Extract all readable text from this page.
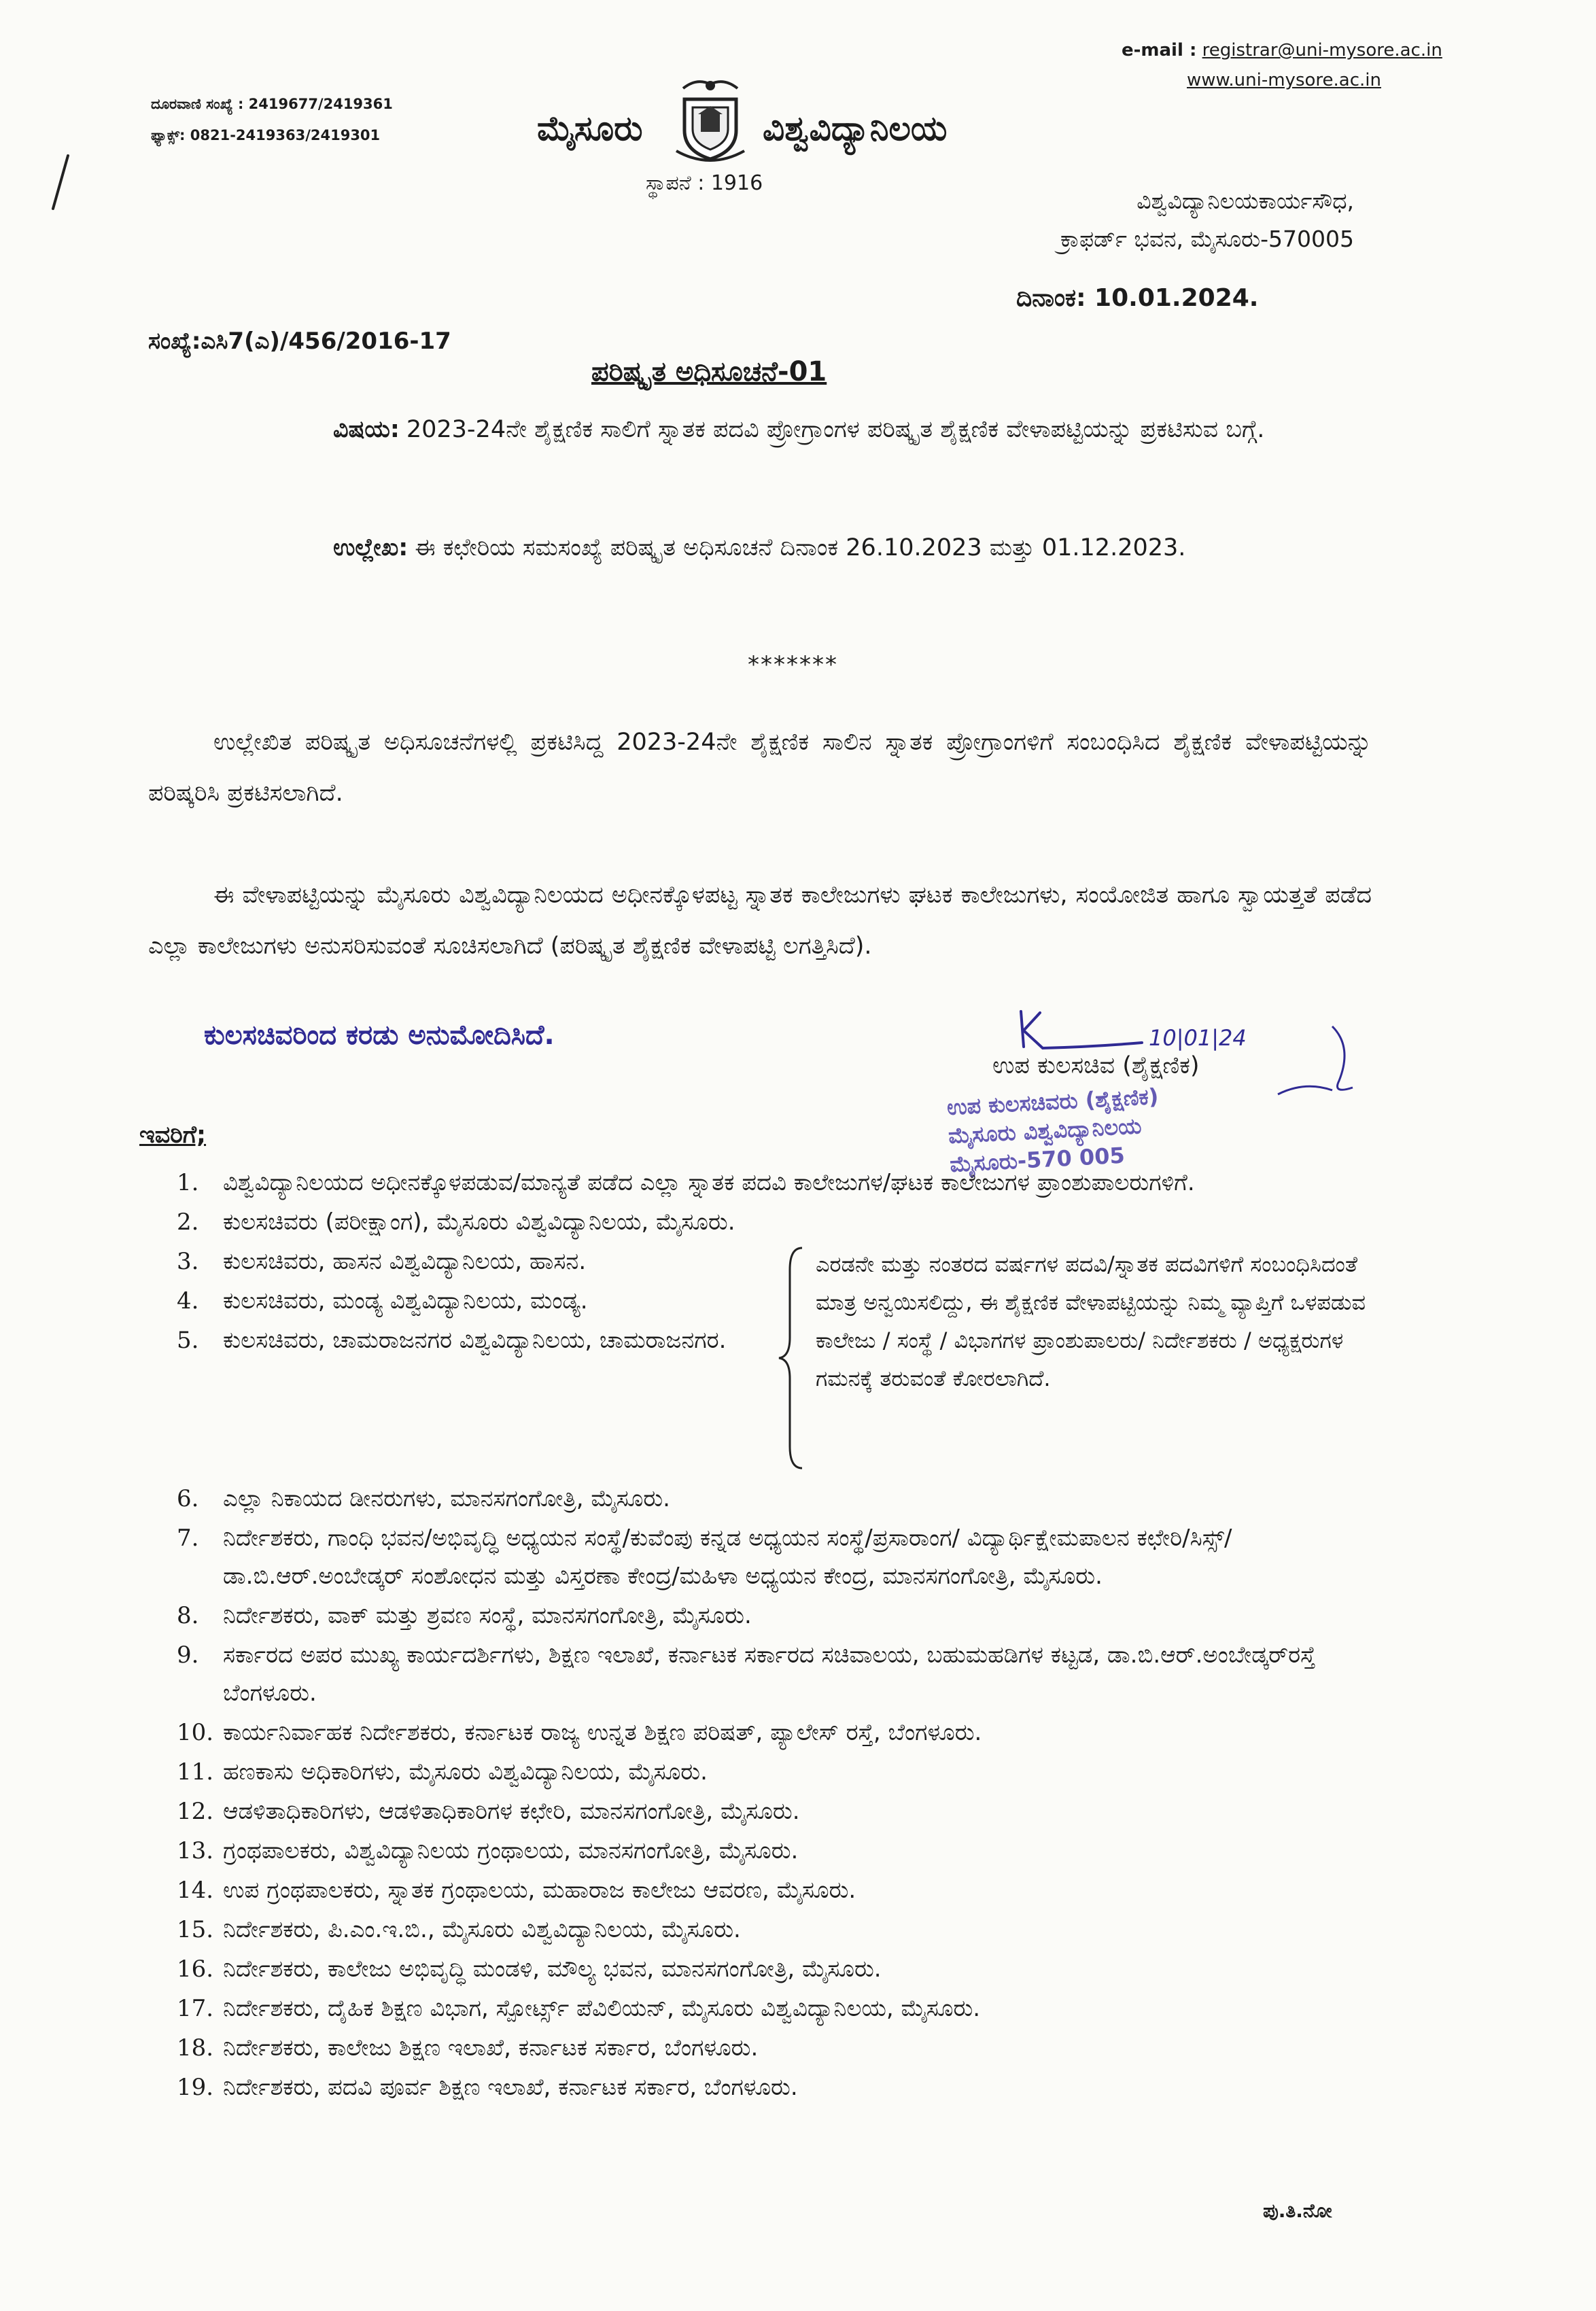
ದೂರವಾಣಿ ಸಂಖ್ಯೆ : 2419677/2419361
ಫ್ಯಾಕ್ಸ್: 0821-2419363/2419301
e-mail : registrar@uni-mysore.ac.in
www.uni-mysore.ac.in
ಮೈಸೂರು	ವಿಶ್ವವಿದ್ಯಾನಿಲಯ
ಸ್ಥಾಪನೆ : 1916
ವಿಶ್ವವಿದ್ಯಾನಿಲಯಕಾರ್ಯಸೌಧ,
ಕ್ರಾಫರ್ಡ್ ಭವನ, ಮೈಸೂರು-570005
ದಿನಾಂಕ: 10.01.2024.
ಸಂಖ್ಯೆ:ಎಸಿ7(ಎ)/456/2016-17
ಪರಿಷ್ಕೃತ ಅಧಿಸೂಚನೆ-01
ವಿಷಯ: 2023-24ನೇ ಶೈಕ್ಷಣಿಕ ಸಾಲಿಗೆ ಸ್ನಾತಕ ಪದವಿ ಪ್ರೋಗ್ರಾಂಗಳ ಪರಿಷ್ಕೃತ ಶೈಕ್ಷಣಿಕ ವೇಳಾಪಟ್ಟಿಯನ್ನು ಪ್ರಕಟಿಸುವ ಬಗ್ಗೆ.
ಉಲ್ಲೇಖ: ಈ ಕಛೇರಿಯ ಸಮಸಂಖ್ಯೆ ಪರಿಷ್ಕೃತ ಅಧಿಸೂಚನೆ ದಿನಾಂಕ 26.10.2023 ಮತ್ತು 01.12.2023.
*******
ಉಲ್ಲೇಖಿತ ಪರಿಷ್ಕೃತ ಅಧಿಸೂಚನೆಗಳಲ್ಲಿ ಪ್ರಕಟಿಸಿದ್ದ 2023-24ನೇ ಶೈಕ್ಷಣಿಕ ಸಾಲಿನ ಸ್ನಾತಕ ಪ್ರೋಗ್ರಾಂಗಳಿಗೆ ಸಂಬಂಧಿಸಿದ ಶೈಕ್ಷಣಿಕ ವೇಳಾಪಟ್ಟಿಯನ್ನು ಪರಿಷ್ಕರಿಸಿ ಪ್ರಕಟಿಸಲಾಗಿದೆ.
ಈ ವೇಳಾಪಟ್ಟಿಯನ್ನು ಮೈಸೂರು ವಿಶ್ವವಿದ್ಯಾನಿಲಯದ ಅಧೀನಕ್ಕೊಳಪಟ್ಟ ಸ್ನಾತಕ ಕಾಲೇಜುಗಳು ಘಟಕ ಕಾಲೇಜುಗಳು, ಸಂಯೋಜಿತ ಹಾಗೂ ಸ್ವಾಯತ್ತತೆ ಪಡೆದ ಎಲ್ಲಾ ಕಾಲೇಜುಗಳು ಅನುಸರಿಸುವಂತೆ ಸೂಚಿಸಲಾಗಿದೆ (ಪರಿಷ್ಕೃತ ಶೈಕ್ಷಣಿಕ ವೇಳಾಪಟ್ಟಿ ಲಗತ್ತಿಸಿದೆ).
ಕುಲಸಚಿವರಿಂದ ಕರಡು ಅನುಮೋದಿಸಿದೆ.	10|01|24
ಉಪ ಕುಲಸಚಿವ (ಶೈಕ್ಷಣಿಕ)
ಉಪ ಕುಲಸಚಿವರು (ಶೈಕ್ಷಣಿಕ)
ಮೈಸೂರು ವಿಶ್ವವಿದ್ಯಾನಿಲಯ
ಮೈಸೂರು-570 005
ಇವರಿಗೆ;
1.	ವಿಶ್ವವಿದ್ಯಾನಿಲಯದ ಅಧೀನಕ್ಕೊಳಪಡುವ/ಮಾನ್ಯತೆ ಪಡೆದ ಎಲ್ಲಾ ಸ್ನಾತಕ ಪದವಿ ಕಾಲೇಜುಗಳ/ಘಟಕ ಕಾಲೇಜುಗಳ ಪ್ರಾಂಶುಪಾಲರುಗಳಿಗೆ.
2.	ಕುಲಸಚಿವರು (ಪರೀಕ್ಷಾಂಗ), ಮೈಸೂರು ವಿಶ್ವವಿದ್ಯಾನಿಲಯ, ಮೈಸೂರು.
3.	ಕುಲಸಚಿವರು, ಹಾಸನ ವಿಶ್ವವಿದ್ಯಾನಿಲಯ, ಹಾಸನ.
4.	ಕುಲಸಚಿವರು, ಮಂಡ್ಯ ವಿಶ್ವವಿದ್ಯಾನಿಲಯ, ಮಂಡ್ಯ.
5.	ಕುಲಸಚಿವರು, ಚಾಮರಾಜನಗರ ವಿಶ್ವವಿದ್ಯಾನಿಲಯ, ಚಾಮರಾಜನಗರ.
ಎರಡನೇ ಮತ್ತು ನಂತರದ ವರ್ಷಗಳ ಪದವಿ/ಸ್ನಾತಕ ಪದವಿಗಳಿಗೆ ಸಂಬಂಧಿಸಿದಂತೆ ಮಾತ್ರ ಅನ್ವಯಿಸಲಿದ್ದು, ಈ ಶೈಕ್ಷಣಿಕ ವೇಳಾಪಟ್ಟಿಯನ್ನು ನಿಮ್ಮ ವ್ಯಾಪ್ತಿಗೆ ಒಳಪಡುವ ಕಾಲೇಜು / ಸಂಸ್ಥೆ / ವಿಭಾಗಗಳ ಪ್ರಾಂಶುಪಾಲರು/ ನಿರ್ದೇಶಕರು / ಅಧ್ಯಕ್ಷರುಗಳ ಗಮನಕ್ಕೆ ತರುವಂತೆ ಕೋರಲಾಗಿದೆ.
6.	ಎಲ್ಲಾ ನಿಕಾಯದ ಡೀನರುಗಳು, ಮಾನಸಗಂಗೋತ್ರಿ, ಮೈಸೂರು.
7.	ನಿರ್ದೇಶಕರು, ಗಾಂಧಿ ಭವನ/ಅಭಿವೃದ್ಧಿ ಅಧ್ಯಯನ ಸಂಸ್ಥೆ/ಕುವೆಂಪು ಕನ್ನಡ ಅಧ್ಯಯನ ಸಂಸ್ಥೆ/ಪ್ರಸಾರಾಂಗ/ ವಿದ್ಯಾರ್ಥಿಕ್ಷೇಮಪಾಲನ ಕಛೇರಿ/ಸಿಸ್ಸ್/ಡಾ.ಬಿ.ಆರ್.ಅಂಬೇಡ್ಕರ್ ಸಂಶೋಧನ ಮತ್ತು ವಿಸ್ತರಣಾ ಕೇಂದ್ರ/ಮಹಿಳಾ ಅಧ್ಯಯನ ಕೇಂದ್ರ, ಮಾನಸಗಂಗೋತ್ರಿ, ಮೈಸೂರು.
8.	ನಿರ್ದೇಶಕರು, ವಾಕ್ ಮತ್ತು ಶ್ರವಣ ಸಂಸ್ಥೆ, ಮಾನಸಗಂಗೋತ್ರಿ, ಮೈಸೂರು.
9.	ಸರ್ಕಾರದ ಅಪರ ಮುಖ್ಯ ಕಾರ್ಯದರ್ಶಿಗಳು, ಶಿಕ್ಷಣ ಇಲಾಖೆ, ಕರ್ನಾಟಕ ಸರ್ಕಾರದ ಸಚಿವಾಲಯ, ಬಹುಮಹಡಿಗಳ ಕಟ್ಟಡ, ಡಾ.ಬಿ.ಆರ್.ಅಂಬೇಡ್ಕರ್‌ರಸ್ತೆ ಬೆಂಗಳೂರು.
10. ಕಾರ್ಯನಿರ್ವಾಹಕ ನಿರ್ದೇಶಕರು, ಕರ್ನಾಟಕ ರಾಜ್ಯ ಉನ್ನತ ಶಿಕ್ಷಣ ಪರಿಷತ್, ಪ್ಯಾಲೇಸ್ ರಸ್ತೆ, ಬೆಂಗಳೂರು.
11. ಹಣಕಾಸು ಅಧಿಕಾರಿಗಳು, ಮೈಸೂರು ವಿಶ್ವವಿದ್ಯಾನಿಲಯ, ಮೈಸೂರು.
12. ಆಡಳಿತಾಧಿಕಾರಿಗಳು, ಆಡಳಿತಾಧಿಕಾರಿಗಳ ಕಛೇರಿ, ಮಾನಸಗಂಗೋತ್ರಿ, ಮೈಸೂರು.
13. ಗ್ರಂಥಪಾಲಕರು, ವಿಶ್ವವಿದ್ಯಾನಿಲಯ ಗ್ರಂಥಾಲಯ, ಮಾನಸಗಂಗೋತ್ರಿ, ಮೈಸೂರು.
14. ಉಪ ಗ್ರಂಥಪಾಲಕರು, ಸ್ನಾತಕ ಗ್ರಂಥಾಲಯ, ಮಹಾರಾಜ ಕಾಲೇಜು ಆವರಣ, ಮೈಸೂರು.
15. ನಿರ್ದೇಶಕರು, ಪಿ.ಎಂ.ಇ.ಬಿ., ಮೈಸೂರು ವಿಶ್ವವಿದ್ಯಾನಿಲಯ, ಮೈಸೂರು.
16. ನಿರ್ದೇಶಕರು, ಕಾಲೇಜು ಅಭಿವೃದ್ಧಿ ಮಂಡಳಿ, ಮೌಲ್ಯ ಭವನ, ಮಾನಸಗಂಗೋತ್ರಿ, ಮೈಸೂರು.
17. ನಿರ್ದೇಶಕರು, ದೈಹಿಕ ಶಿಕ್ಷಣ ವಿಭಾಗ, ಸ್ಪೋರ್ಟ್ಸ್ ಪೆವಿಲಿಯನ್, ಮೈಸೂರು ವಿಶ್ವವಿದ್ಯಾನಿಲಯ, ಮೈಸೂರು.
18. ನಿರ್ದೇಶಕರು, ಕಾಲೇಜು ಶಿಕ್ಷಣ ಇಲಾಖೆ, ಕರ್ನಾಟಕ ಸರ್ಕಾರ, ಬೆಂಗಳೂರು.
19. ನಿರ್ದೇಶಕರು, ಪದವಿ ಪೂರ್ವ ಶಿಕ್ಷಣ ಇಲಾಖೆ, ಕರ್ನಾಟಕ ಸರ್ಕಾರ, ಬೆಂಗಳೂರು.
ಪು.ತಿ.ನೋ
